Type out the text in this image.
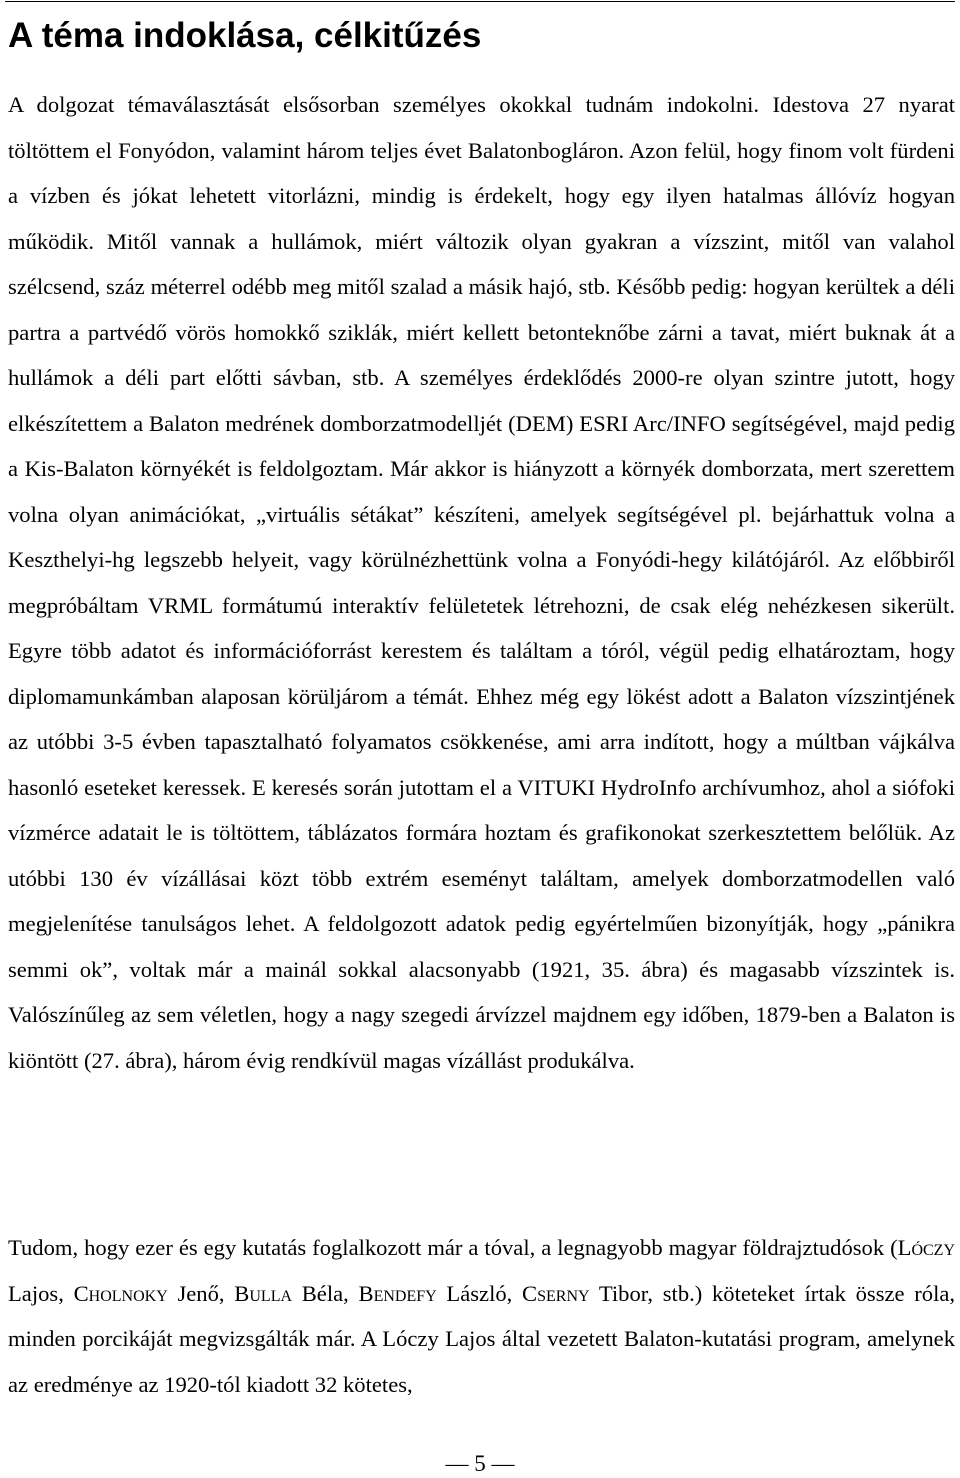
A téma indoklása, célkitűzés

A dolgozat témaválasztását elsősorban személyes okokkal tudnám indokolni. Idestova 27 nyarat töltöttem el Fonyódon, valamint három teljes évet Balatonbogláron. Azon felül, hogy finom volt fürdeni a vízben és jókat lehetett vitorlázni, mindig is érdekelt, hogy egy ilyen hatalmas állóvíz hogyan működik. Mitől vannak a hullámok, miért változik olyan gyakran a vízszint, mitől van valahol szélcsend, száz méterrel odébb meg mitől szalad a másik hajó, stb. Később pedig: hogyan kerültek a déli partra a partvédő vörös homokkő sziklák, miért kellett betonteknőbe zárni a tavat, miért buknak át a hullámok a déli part előtti sávban, stb. A személyes érdeklődés 2000-re olyan szintre jutott, hogy elkészítettem a Balaton medrének domborzatmodelljét (DEM) ESRI Arc/INFO segítségével, majd pedig a Kis-Balaton környékét is feldolgoztam. Már akkor is hiányzott a környék domborzata, mert szerettem volna olyan animációkat, „virtuális sétákat” készíteni, amelyek segítségével pl. bejárhattuk volna a Keszthelyi-hg legszebb helyeit, vagy körülnézhettünk volna a Fonyódi-hegy kilátójáról. Az előbbiről megpróbáltam VRML formátumú interaktív felületetek létrehozni, de csak elég nehézkesen sikerült. Egyre több adatot és információforrást kerestem és találtam a tóról, végül pedig elhatároztam, hogy diplomamunkámban alaposan körüljárom a témát. Ehhez még egy lökést adott a Balaton vízszintjének az utóbbi 3-5 évben tapasztalható folyamatos csökkenése, ami arra indított, hogy a múltban vájkálva hasonló eseteket keressek. E keresés során jutottam el a VITUKI HydroInfo archívumhoz, ahol a siófoki vízmérce adatait le is töltöttem, táblázatos formára hoztam és grafikonokat szerkesztettem belőlük. Az utóbbi 130 év vízállásai közt több extrém eseményt találtam, amelyek domborzatmodellen való megjelenítése tanulságos lehet. A feldolgozott adatok pedig egyértelműen bizonyítják, hogy „pánikra semmi ok”, voltak már a mainál sokkal alacsonyabb (1921, 35. ábra) és magasabb vízszintek is. Valószínűleg az sem véletlen, hogy a nagy szegedi árvízzel majdnem egy időben, 1879-ben a Balaton is kiöntött (27. ábra), három évig rendkívül magas vízállást produkálva.

Tudom, hogy ezer és egy kutatás foglalkozott már a tóval, a legnagyobb magyar földrajztudósok (Lóczy Lajos, Cholnoky Jenő, Bulla Béla, Bendefy László, Cserny Tibor, stb.) köteteket írtak össze róla, minden porcikáját megvizsgálták már. A Lóczy Lajos által vezetett Balaton-kutatási program, amelynek az eredménye az 1920-tól kiadott 32 kötetes,

— 5 —
